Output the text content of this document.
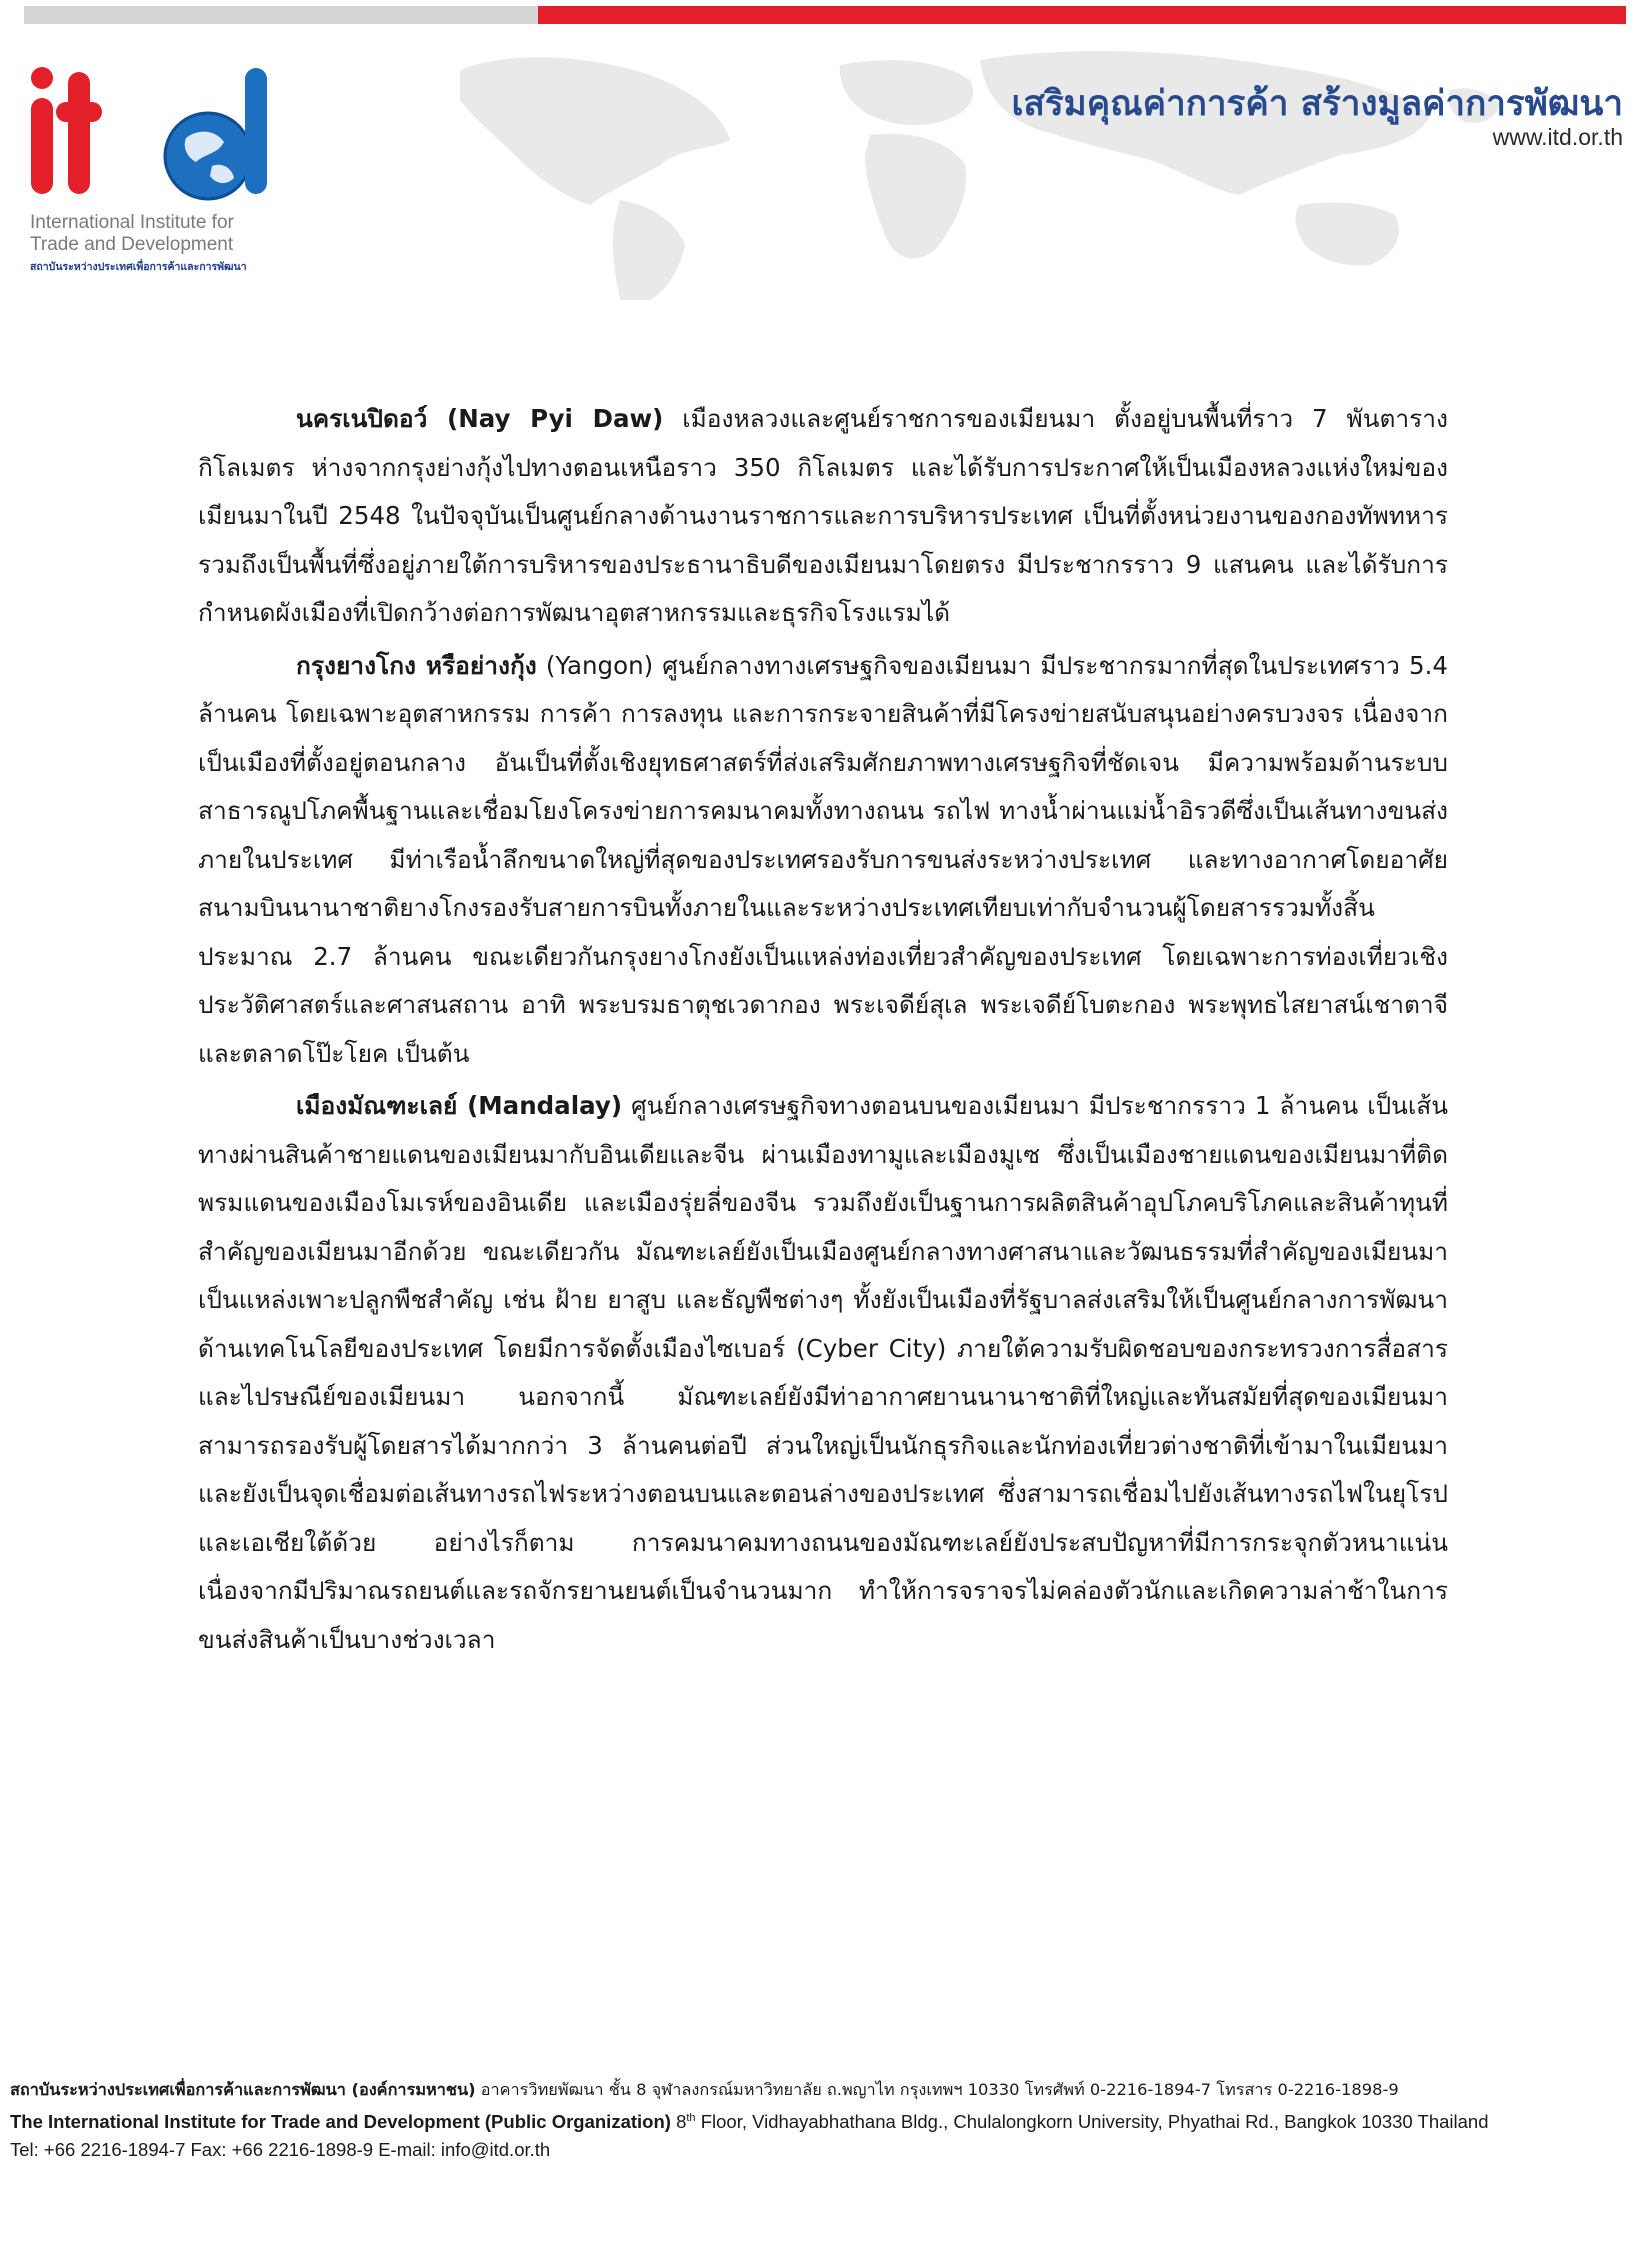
International Institute for
Trade and Development
สถาบันระหว่างประเทศเพื่อการค้าและการพัฒนา
เสริมคุณค่าการค้า สร้างมูลค่าการพัฒนา
www.itd.or.th

นครเนปิดอว์ (Nay Pyi Daw) เมืองหลวงและศูนย์ราชการของเมียนมา ตั้งอยู่บนพื้นที่ราว 7 พันตารางกิโลเมตร ห่างจากกรุงย่างกุ้งไปทางตอนเหนือราว 350 กิโลเมตร และได้รับการประกาศให้เป็นเมืองหลวงแห่งใหม่ของเมียนมาในปี 2548 ในปัจจุบันเป็นศูนย์กลางด้านงานราชการและการบริหารประเทศ เป็นที่ตั้งหน่วยงานของกองทัพทหาร รวมถึงเป็นพื้นที่ซึ่งอยู่ภายใต้การบริหารของประธานาธิบดีของเมียนมาโดยตรง มีประชากรราว 9 แสนคน และได้รับการกำหนดผังเมืองที่เปิดกว้างต่อการพัฒนาอุตสาหกรรมและธุรกิจโรงแรมได้

กรุงยางโกง หรือย่างกุ้ง (Yangon) ศูนย์กลางทางเศรษฐกิจของเมียนมา มีประชากรมากที่สุดในประเทศราว 5.4 ล้านคน โดยเฉพาะอุตสาหกรรม การค้า การลงทุน และการกระจายสินค้าที่มีโครงข่ายสนับสนุนอย่างครบวงจร เนื่องจากเป็นเมืองที่ตั้งอยู่ตอนกลาง อันเป็นที่ตั้งเชิงยุทธศาสตร์ที่ส่งเสริมศักยภาพทางเศรษฐกิจที่ชัดเจน มีความพร้อมด้านระบบสาธารณูปโภคพื้นฐานและเชื่อมโยงโครงข่ายการคมนาคมทั้งทางถนน รถไฟ ทางน้ำผ่านแม่น้ำอิรวดีซึ่งเป็นเส้นทางขนส่งภายในประเทศ มีท่าเรือน้ำลึกขนาดใหญ่ที่สุดของประเทศรองรับการขนส่งระหว่างประเทศ และทางอากาศโดยอาศัยสนามบินนานาชาติยางโกงรองรับสายการบินทั้งภายในและระหว่างประเทศเทียบเท่ากับจำนวนผู้โดยสารรวมทั้งสิ้นประมาณ 2.7 ล้านคน ขณะเดียวกันกรุงยางโกงยังเป็นแหล่งท่องเที่ยวสำคัญของประเทศ โดยเฉพาะการท่องเที่ยวเชิงประวัติศาสตร์และศาสนสถาน อาทิ พระบรมธาตุชเวดากอง พระเจดีย์สุเล พระเจดีย์โบตะกอง พระพุทธไสยาสน์เชาตาจี และตลาดโป๊ะโยค เป็นต้น

เมืองมัณฑะเลย์ (Mandalay) ศูนย์กลางเศรษฐกิจทางตอนบนของเมียนมา มีประชากรราว 1 ล้านคน เป็นเส้นทางผ่านสินค้าชายแดนของเมียนมากับอินเดียและจีน ผ่านเมืองทามูและเมืองมูเซ ซึ่งเป็นเมืองชายแดนของเมียนมาที่ติดพรมแดนของเมืองโมเรห์ของอินเดีย และเมืองรุ่ยลี่ของจีน รวมถึงยังเป็นฐานการผลิตสินค้าอุปโภคบริโภคและสินค้าทุนที่สำคัญของเมียนมาอีกด้วย ขณะเดียวกัน มัณฑะเลย์ยังเป็นเมืองศูนย์กลางทางศาสนาและวัฒนธรรมที่สำคัญของเมียนมา เป็นแหล่งเพาะปลูกพืชสำคัญ เช่น ฝ้าย ยาสูบ และธัญพืชต่างๆ ทั้งยังเป็นเมืองที่รัฐบาลส่งเสริมให้เป็นศูนย์กลางการพัฒนาด้านเทคโนโลยีของประเทศ โดยมีการจัดตั้งเมืองไซเบอร์ (Cyber City) ภายใต้ความรับผิดชอบของกระทรวงการสื่อสารและไปรษณีย์ของเมียนมา นอกจากนี้ มัณฑะเลย์ยังมีท่าอากาศยานนานาชาติที่ใหญ่และทันสมัยที่สุดของเมียนมา สามารถรองรับผู้โดยสารได้มากกว่า 3 ล้านคนต่อปี ส่วนใหญ่เป็นนักธุรกิจและนักท่องเที่ยวต่างชาติที่เข้ามาในเมียนมา และยังเป็นจุดเชื่อมต่อเส้นทางรถไฟระหว่างตอนบนและตอนล่างของประเทศ ซึ่งสามารถเชื่อมไปยังเส้นทางรถไฟในยุโรปและเอเชียใต้ด้วย อย่างไรก็ตาม การคมนาคมทางถนนของมัณฑะเลย์ยังประสบปัญหาที่มีการกระจุกตัวหนาแน่น เนื่องจากมีปริมาณรถยนต์และรถจักรยานยนต์เป็นจำนวนมาก ทำให้การจราจรไม่คล่องตัวนักและเกิดความล่าช้าในการขนส่งสินค้าเป็นบางช่วงเวลา

สถาบันระหว่างประเทศเพื่อการค้าและการพัฒนา (องค์การมหาชน) อาคารวิทยพัฒนา ชั้น 8 จุฬาลงกรณ์มหาวิทยาลัย ถ.พญาไท กรุงเทพฯ 10330 โทรศัพท์ 0-2216-1894-7 โทรสาร 0-2216-1898-9
The International Institute for Trade and Development (Public Organization) 8th Floor, Vidhayabhathana Bldg., Chulalongkorn University, Phyathai Rd., Bangkok 10330 Thailand
Tel: +66 2216-1894-7 Fax: +66 2216-1898-9 E-mail: info@itd.or.th
